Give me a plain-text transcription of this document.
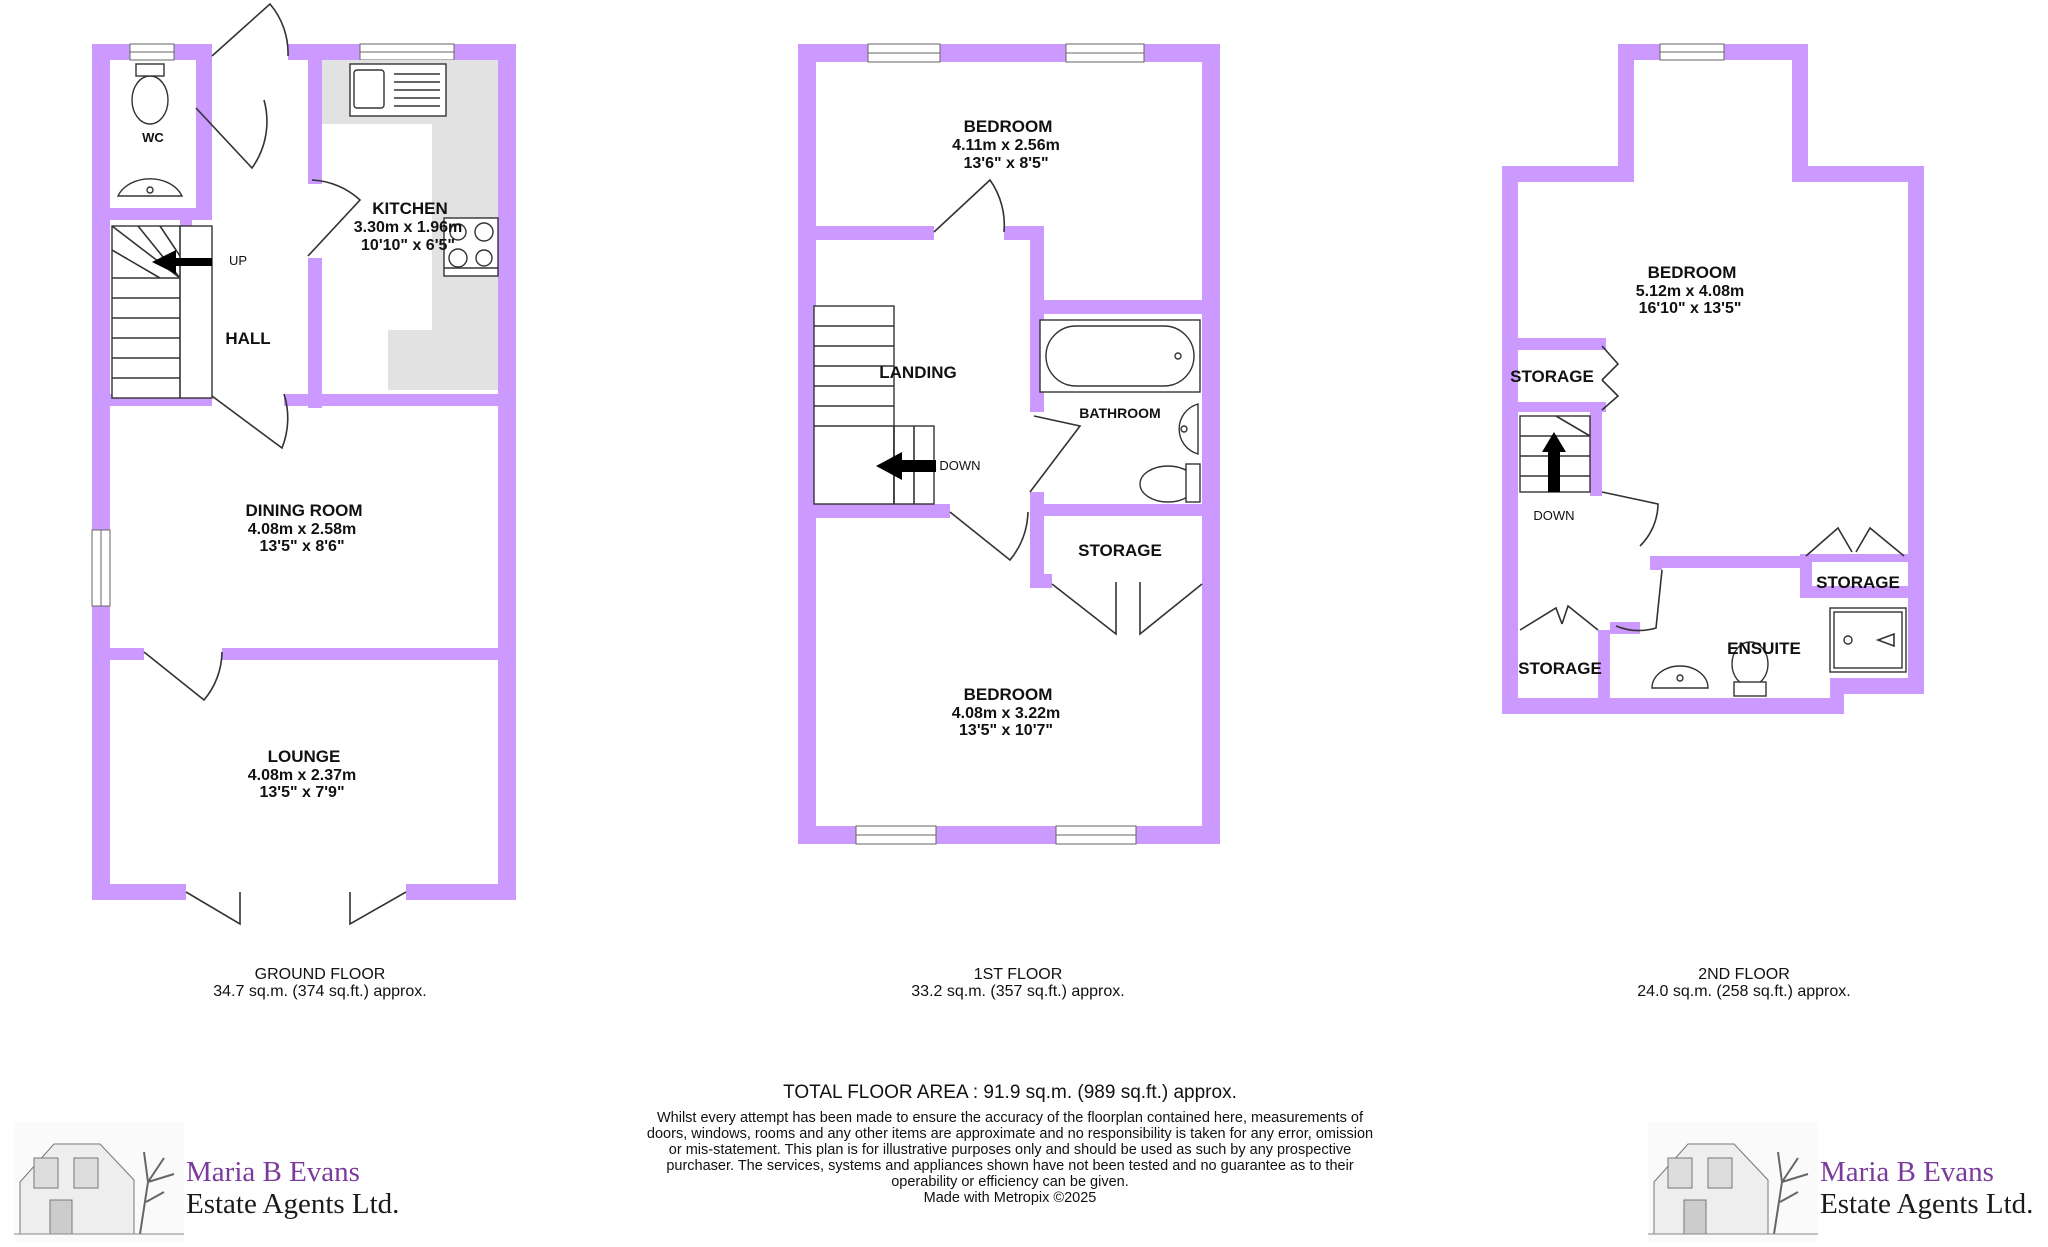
WC
KITCHEN
3.30m x 1.96m
10'10" x 6'5"
UP
HALL
DINING ROOM
4.08m x 2.58m
13'5" x 8'6"
LOUNGE
4.08m x 2.37m
13'5" x 7'9"
BEDROOM
4.11m x 2.56m
13'6" x 8'5"
LANDING
DOWN
BATHROOM
STORAGE
BEDROOM
4.08m x 3.22m
13'5" x 10'7"
BEDROOM
5.12m x 4.08m
16'10" x 13'5"
STORAGE
DOWN
STORAGE
ENSUITE
STORAGE
GROUND FLOOR
34.7 sq.m. (374 sq.ft.) approx.
1ST FLOOR
33.2 sq.m. (357 sq.ft.) approx.
2ND FLOOR
24.0 sq.m. (258 sq.ft.) approx.
TOTAL FLOOR AREA : 91.9 sq.m. (989 sq.ft.) approx.
Whilst every attempt has been made to ensure the accuracy of the floorplan contained here, measurements of doors, windows, rooms and any other items are approximate and no responsibility is taken for any error, omission or mis-statement. This plan is for illustrative purposes only and should be used as such by any prospective purchaser. The services, systems and appliances shown have not been tested and no guarantee as to their operability or efficiency can be given.
Made with Metropix ©2025
Maria B Evans
Estate Agents Ltd.
Maria B Evans
Estate Agents Ltd.
